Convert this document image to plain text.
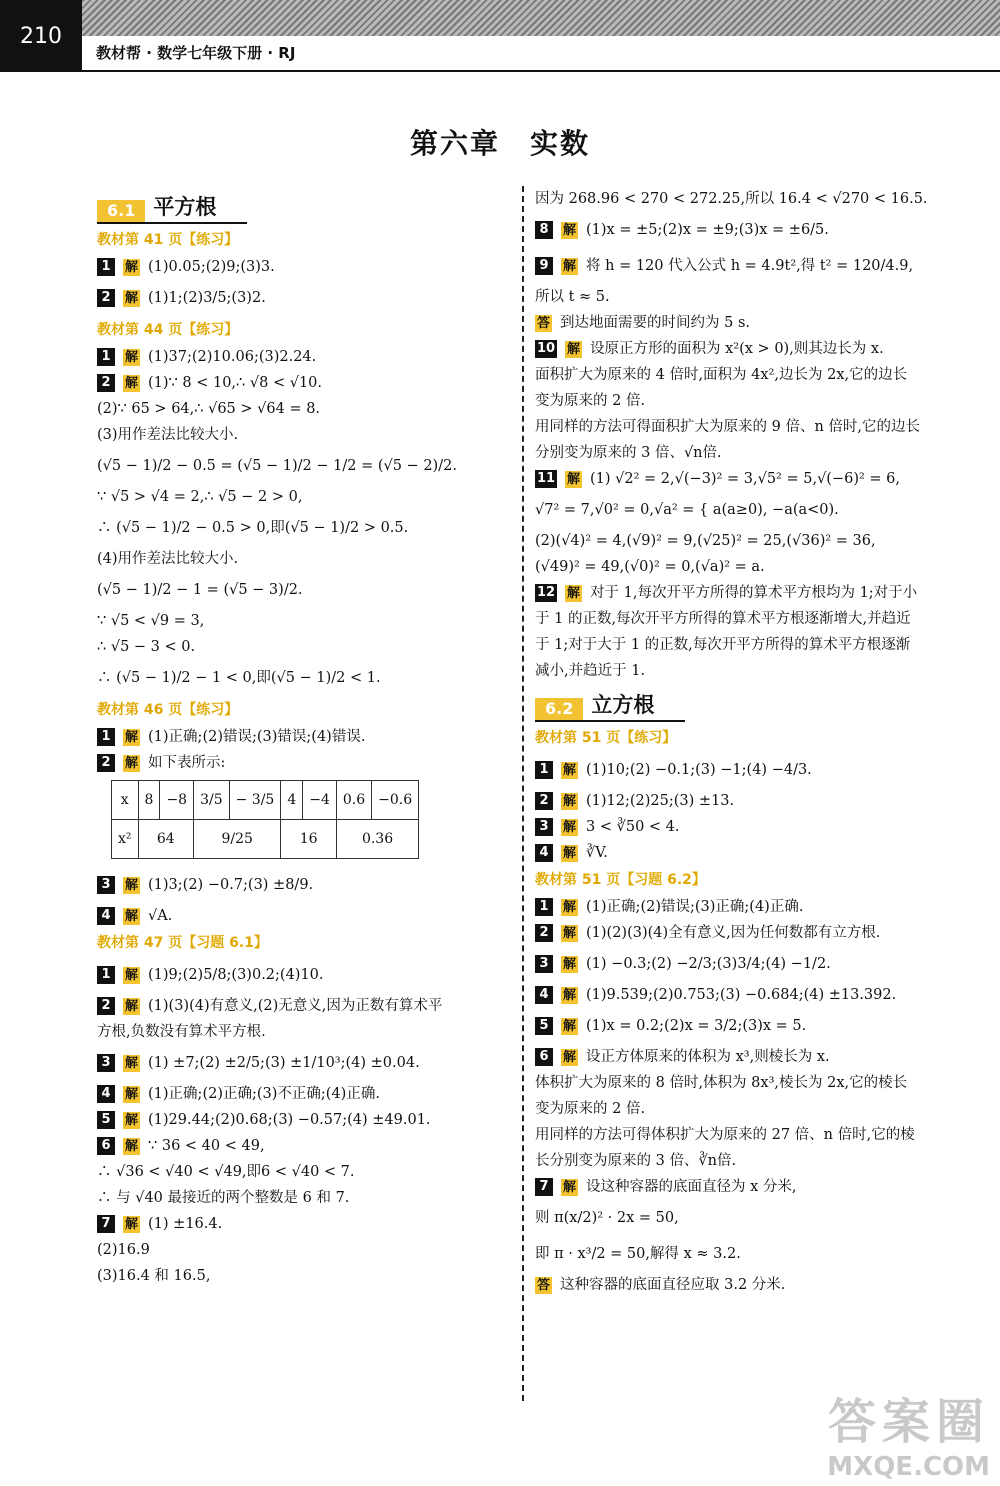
210
教材帮 · 数学七年级下册 · RJ
第六章　实数
6.1 平方根
教材第 41 页【练习】
1 解 (1)0.05;(2)9;(3)3.
2 解 (1)1;(2)3/5;(3)2.
教材第 44 页【练习】
1 解 (1)37;(2)10.06;(3)2.24.
2 解 (1)∵ 8 < 10,∴ √8 < √10.
(2)∵ 65 > 64,∴ √65 > √64 = 8.
(3)用作差法比较大小.
(√5 − 1)/2 − 0.5 = (√5 − 1)/2 − 1/2 = (√5 − 2)/2.
∵ √5 > √4 = 2,∴ √5 − 2 > 0,
∴ (√5 − 1)/2 − 0.5 > 0,即(√5 − 1)/2 > 0.5.
(4)用作差法比较大小.
(√5 − 1)/2 − 1 = (√5 − 3)/2.
∵ √5 < √9 = 3,
∴ √5 − 3 < 0.
∴ (√5 − 1)/2 − 1 < 0,即(√5 − 1)/2 < 1.
教材第 46 页【练习】
1 解 (1)正确;(2)错误;(3)错误;(4)错误.
2 解 如下表所示:
x	8	−8	3/5	− 3/5	4	−4	0.6	−0.6
x²	64		9/25		16		0.36	
3 解 (1)3;(2) −0.7;(3) ±8/9.
4 解 √A.
教材第 47 页【习题 6.1】
1 解 (1)9;(2)5/8;(3)0.2;(4)10.
2 解 (1)(3)(4)有意义,(2)无意义,因为正数有算术平
方根,负数没有算术平方根.
3 解 (1) ±7;(2) ±2/5;(3) ±1/10³;(4) ±0.04.
4 解 (1)正确;(2)正确;(3)不正确;(4)正确.
5 解 (1)29.44;(2)0.68;(3) −0.57;(4) ±49.01.
6 解 ∵ 36 < 40 < 49,
∴ √36 < √40 < √49,即6 < √40 < 7.
∴ 与 √40 最接近的两个整数是 6 和 7.
7 解 (1) ±16.4.
(2)16.9
(3)16.4 和 16.5,
因为 268.96 < 270 < 272.25,所以 16.4 < √270 < 16.5.
8 解 (1)x = ±5;(2)x = ±9;(3)x = ±6/5.
9 解 将 h = 120 代入公式 h = 4.9t²,得 t² = 120/4.9,
所以 t ≈ 5.
答 到达地面需要的时间约为 5 s.
10 解 设原正方形的面积为 x²(x > 0),则其边长为 x.
面积扩大为原来的 4 倍时,面积为 4x²,边长为 2x,它的边长
变为原来的 2 倍.
用同样的方法可得面积扩大为原来的 9 倍、n 倍时,它的边长
分别变为原来的 3 倍、√n倍.
11 解 (1) √2² = 2,√(−3)² = 3,√5² = 5,√(−6)² = 6,
√7² = 7,√0² = 0,√a² = { a(a≥0), −a(a<0).
(2)(√4)² = 4,(√9)² = 9,(√25)² = 25,(√36)² = 36,
(√49)² = 49,(√0)² = 0,(√a)² = a.
12 解 对于 1,每次开平方所得的算术平方根均为 1;对于小
于 1 的正数,每次开平方所得的算术平方根逐渐增大,并趋近
于 1;对于大于 1 的正数,每次开平方所得的算术平方根逐渐
减小,并趋近于 1.
6.2 立方根
教材第 51 页【练习】
1 解 (1)10;(2) −0.1;(3) −1;(4) −4/3.
2 解 (1)12;(2)25;(3) ±13.
3 解 3 < ∛50 < 4.
4 解 ∛V.
教材第 51 页【习题 6.2】
1 解 (1)正确;(2)错误;(3)正确;(4)正确.
2 解 (1)(2)(3)(4)全有意义,因为任何数都有立方根.
3 解 (1) −0.3;(2) −2/3;(3)3/4;(4) −1/2.
4 解 (1)9.539;(2)0.753;(3) −0.684;(4) ±13.392.
5 解 (1)x = 0.2;(2)x = 3/2;(3)x = 5.
6 解 设正方体原来的体积为 x³,则棱长为 x.
体积扩大为原来的 8 倍时,体积为 8x³,棱长为 2x,它的棱长
变为原来的 2 倍.
用同样的方法可得体积扩大为原来的 27 倍、n 倍时,它的棱
长分别变为原来的 3 倍、∛n倍.
7 解 设这种容器的底面直径为 x 分米,
则 π(x/2)² · 2x = 50,
即 π · x³/2 = 50,解得 x ≈ 3.2.
答 这种容器的底面直径应取 3.2 分米.
答案圈
MXQE.COM
